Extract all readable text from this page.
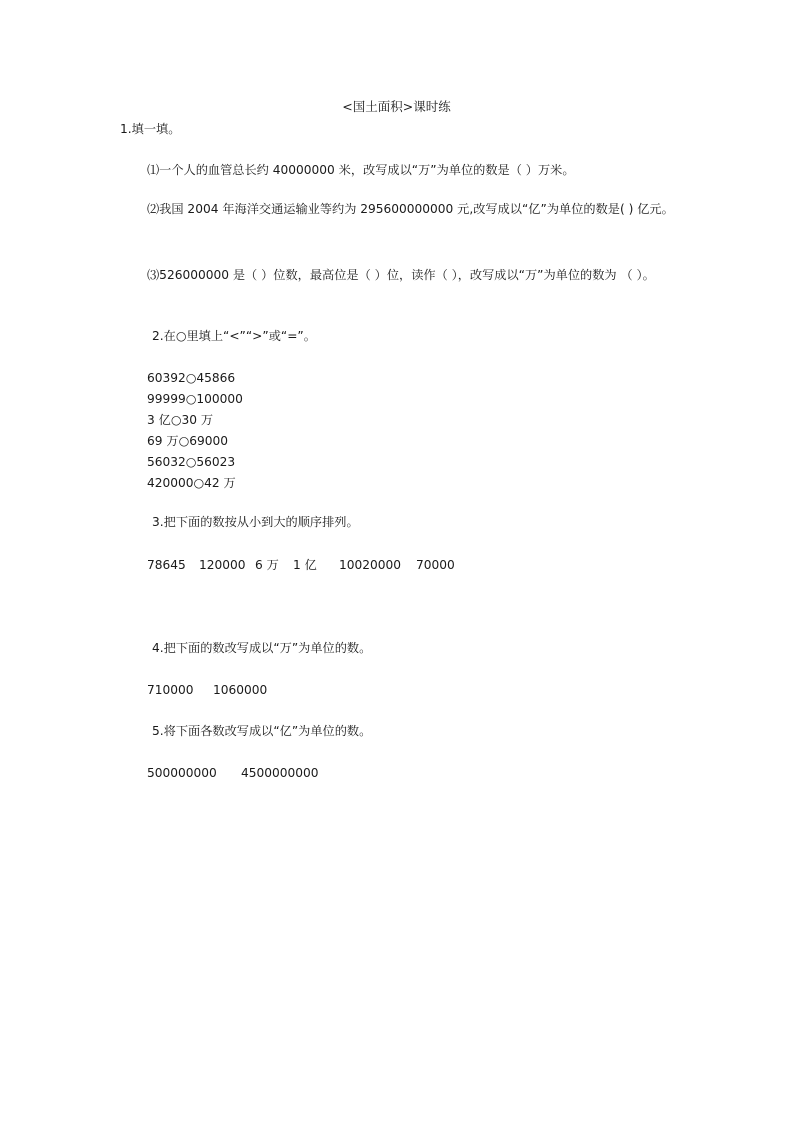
<国土面积>课时练
1.填一填。
⑴一个人的血管总长约 40000000 米，改写成以“万”为单位的数是（ ）万米。
⑵我国 2004 年海洋交通运输业等约为 295600000000 元,改写成以“亿”为单位的数是( ) 亿元。
⑶526000000 是（ ）位数，最高位是（ ）位，读作（ ），改写成以“万”为单位的数为 （ ）。
2.在○里填上“<”“>”或“=”。
60392○45866
99999○100000
3 亿○30 万
69 万○69000
56032○56023
420000○42 万
3.把下面的数按从小到大的顺序排列。
78645 120000 6 万 1 亿 10020000 70000
4.把下面的数改写成以“万”为单位的数。
710000 1060000
5.将下面各数改写成以“亿”为单位的数。
500000000 4500000000
